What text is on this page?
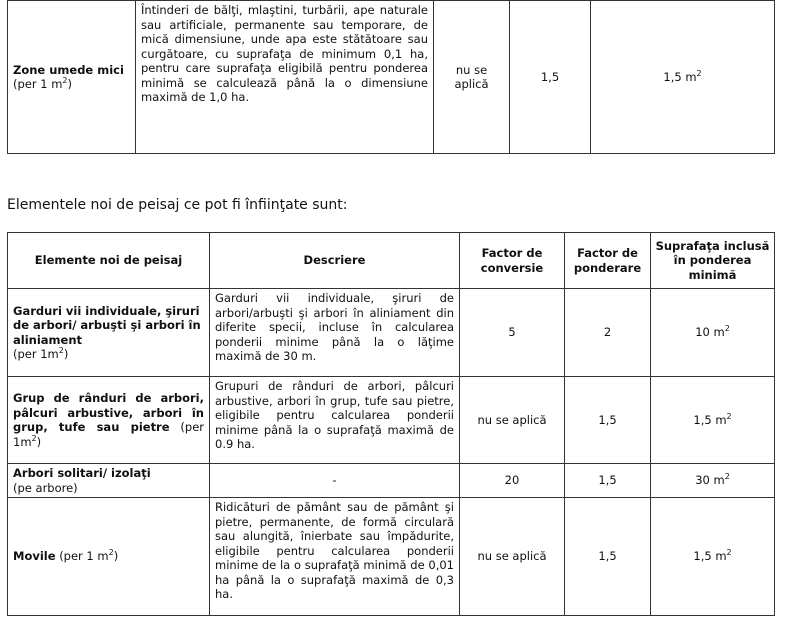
Zone umede mici
(per 1 $m^2$)	Întinderi de bălţi, mlaştini, turbării, ape naturale sau artificiale, permanente sau temporare, de mică dimensiune, unde apa este stătătoare sau curgătoare, cu suprafaţa de minimum 0,1 ha, pentru care suprafaţa eligibilă pentru ponderea minimă se calculează până la o dimensiune maximă de 1,0 ha.	nu se aplică	1,5	1,5 $m^2$

Elementele noi de peisaj ce pot fi înfiinţate sunt:

Elemente noi de peisaj	Descriere	Factor de conversie	Factor de ponderare	Suprafaţa inclusă în ponderea minimă
Garduri vii individuale, şiruri de arbori/ arbuşti şi arbori în aliniament
(per $1m^2$)	Garduri vii individuale, şiruri de arbori/arbuşti şi arbori în aliniament din diferite specii, incluse în calcularea ponderii minime până la o lăţime maximă de 30 m.	5	2	10 $m^2$
Grup de rânduri de arbori, pâlcuri arbustive, arbori în grup, tufe sau pietre (per $1m^2$)	Grupuri de rânduri de arbori, pâlcuri arbustive, arbori în grup, tufe sau pietre, eligibile pentru calcularea ponderii minime până la o suprafaţă maximă de 0.9 ha.	nu se aplică	1,5	1,5 $m^2$
Arbori solitari/ izolaţi
(pe arbore)	-	20	1,5	30 $m^2$
Movile (per 1 $m^2$)	Ridicături de pământ sau de pământ şi pietre, permanente, de formă circulară sau alungită, înierbate sau împădurite, eligibile pentru calcularea ponderii minime de la o suprafaţă minimă de 0,01 ha până la o suprafaţă maximă de 0,3 ha.	nu se aplică	1,5	1,5 $m^2$
